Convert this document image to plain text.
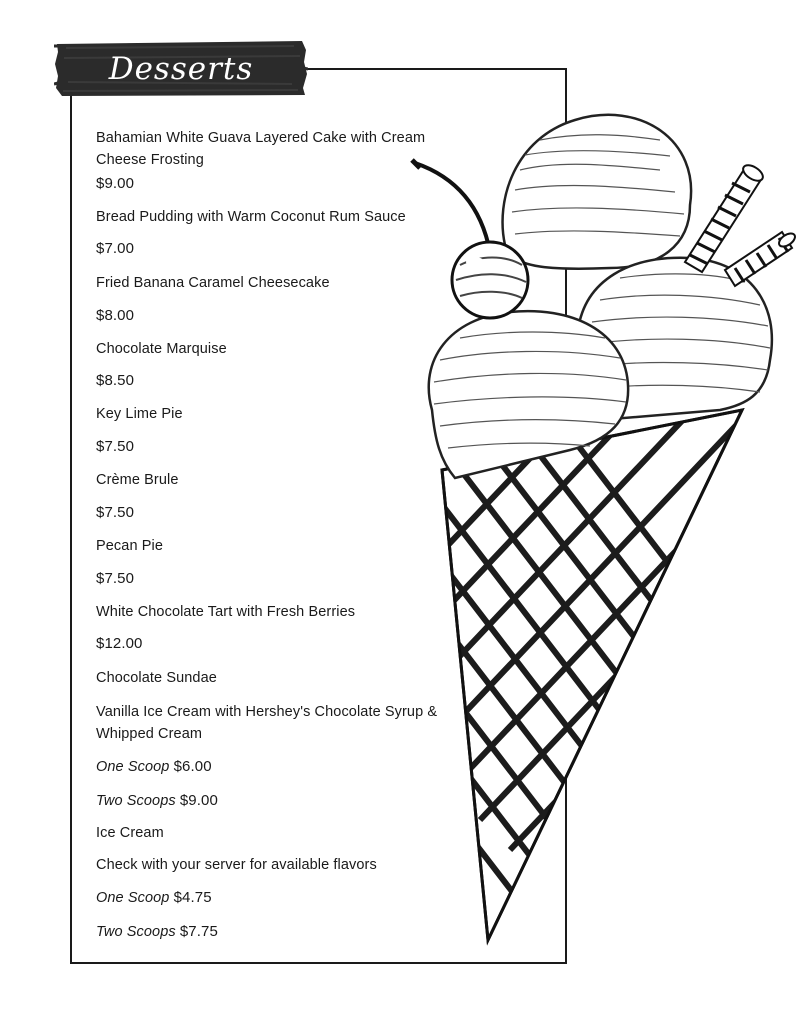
Desserts
Bahamian White Guava Layered Cake with Cream Cheese Frosting
$9.00
Bread Pudding with Warm Coconut Rum Sauce
$7.00
Fried Banana Caramel Cheesecake
$8.00
Chocolate Marquise
$8.50
Key Lime Pie
$7.50
Crème Brule
$7.50
Pecan Pie
$7.50
White Chocolate Tart with Fresh Berries
$12.00
Chocolate Sundae
Vanilla Ice Cream with Hershey's Chocolate Syrup & Whipped Cream
One Scoop $6.00
Two Scoops $9.00
Ice Cream
Check with your server for available flavors
One Scoop $4.75
Two Scoops $7.75
